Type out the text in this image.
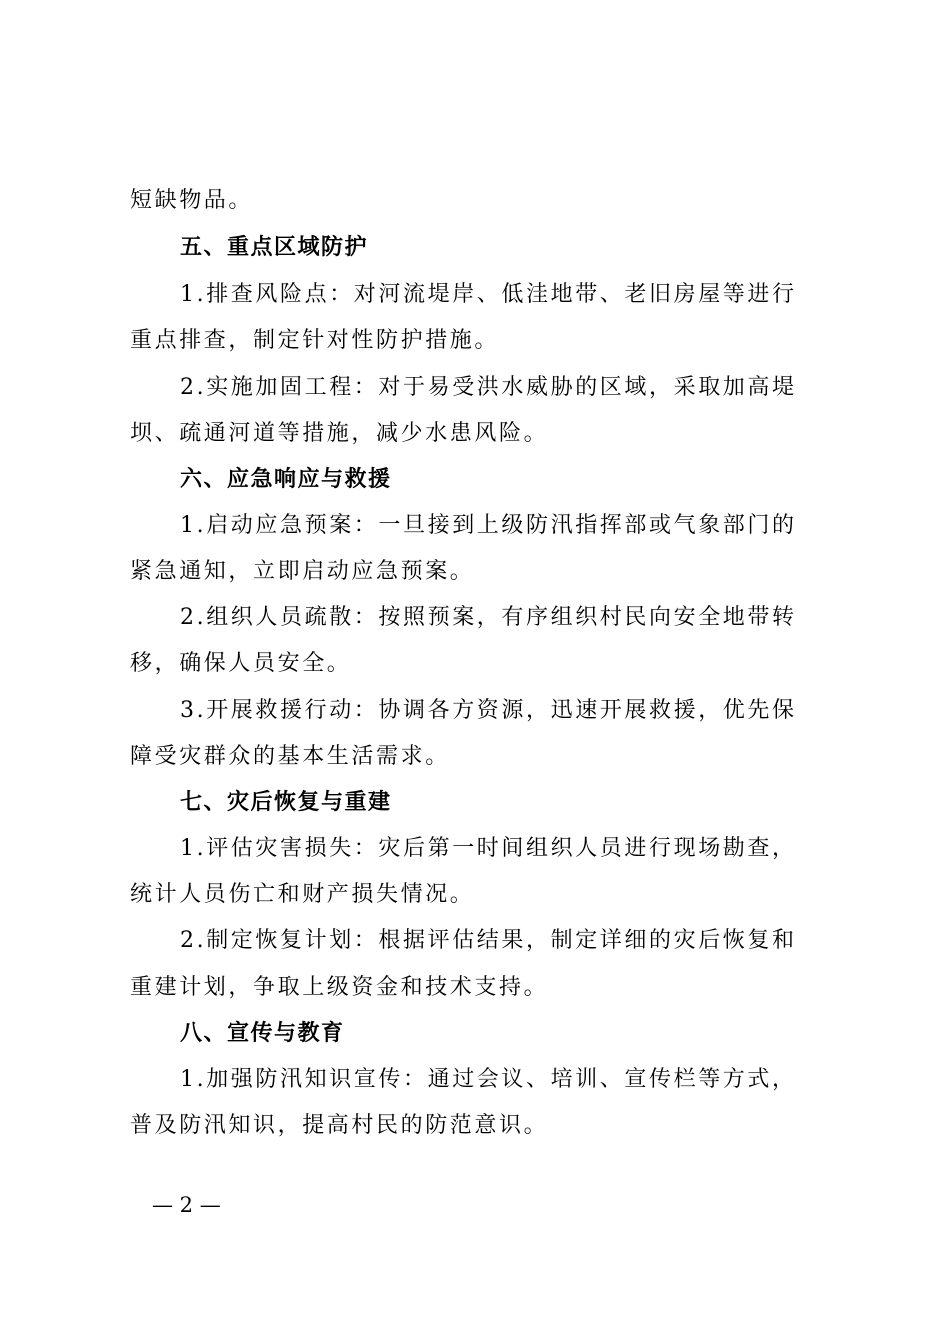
短缺物品。
五、重点区域防护
1.排查风险点：对河流堤岸、低洼地带、老旧房屋等进行
重点排查，制定针对性防护措施。
2.实施加固工程：对于易受洪水威胁的区域，采取加高堤
坝、疏通河道等措施，减少水患风险。
六、应急响应与救援
1.启动应急预案：一旦接到上级防汛指挥部或气象部门的
紧急通知，立即启动应急预案。
2.组织人员疏散：按照预案，有序组织村民向安全地带转
移，确保人员安全。
3.开展救援行动：协调各方资源，迅速开展救援，优先保
障受灾群众的基本生活需求。
七、灾后恢复与重建
1.评估灾害损失：灾后第一时间组织人员进行现场勘查，
统计人员伤亡和财产损失情况。
2.制定恢复计划：根据评估结果，制定详细的灾后恢复和
重建计划，争取上级资金和技术支持。
八、宣传与教育
1.加强防汛知识宣传：通过会议、培训、宣传栏等方式，
普及防汛知识，提高村民的防范意识。
— 2 —
